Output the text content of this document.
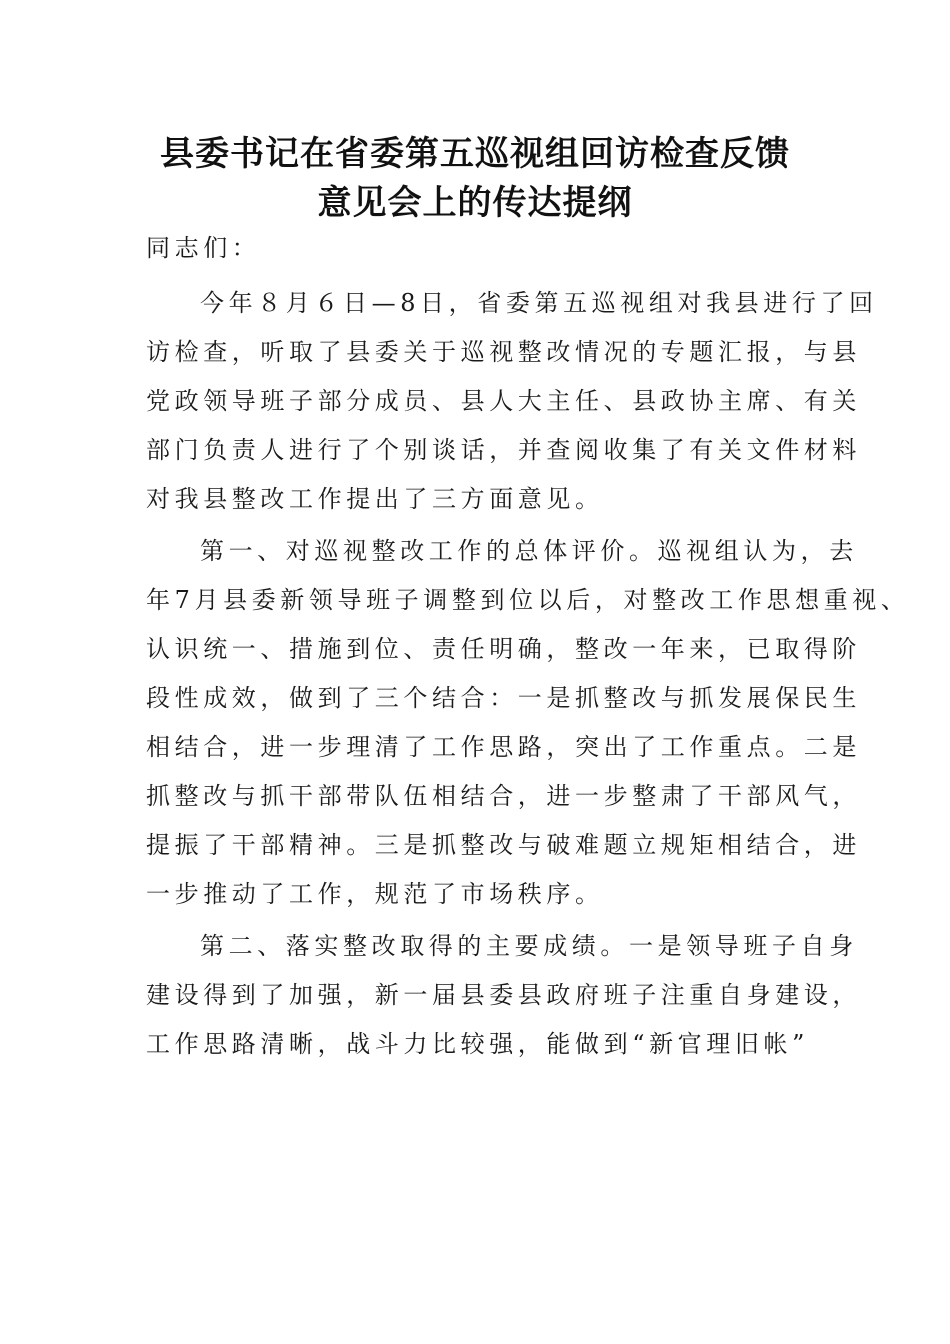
县委书记在省委第五巡视组回访检查反馈
意见会上的传达提纲
同志们：
今年８月６日—8日，省委第五巡视组对我县进行了回
访检查，听取了县委关于巡视整改情况的专题汇报，与县
党政领导班子部分成员、县人大主任、县政协主席、有关
部门负责人进行了个别谈话，并查阅收集了有关文件材料
对我县整改工作提出了三方面意见。
第一、对巡视整改工作的总体评价。巡视组认为，去
年7月县委新领导班子调整到位以后，对整改工作思想重视、
认识统一、措施到位、责任明确，整改一年来，已取得阶
段性成效，做到了三个结合：一是抓整改与抓发展保民生
相结合，进一步理清了工作思路，突出了工作重点。二是
抓整改与抓干部带队伍相结合，进一步整肃了干部风气，
提振了干部精神。三是抓整改与破难题立规矩相结合，进
一步推动了工作，规范了市场秩序。
第二、落实整改取得的主要成绩。一是领导班子自身
建设得到了加强，新一届县委县政府班子注重自身建设，
工作思路清晰，战斗力比较强，能做到“新官理旧帐”
